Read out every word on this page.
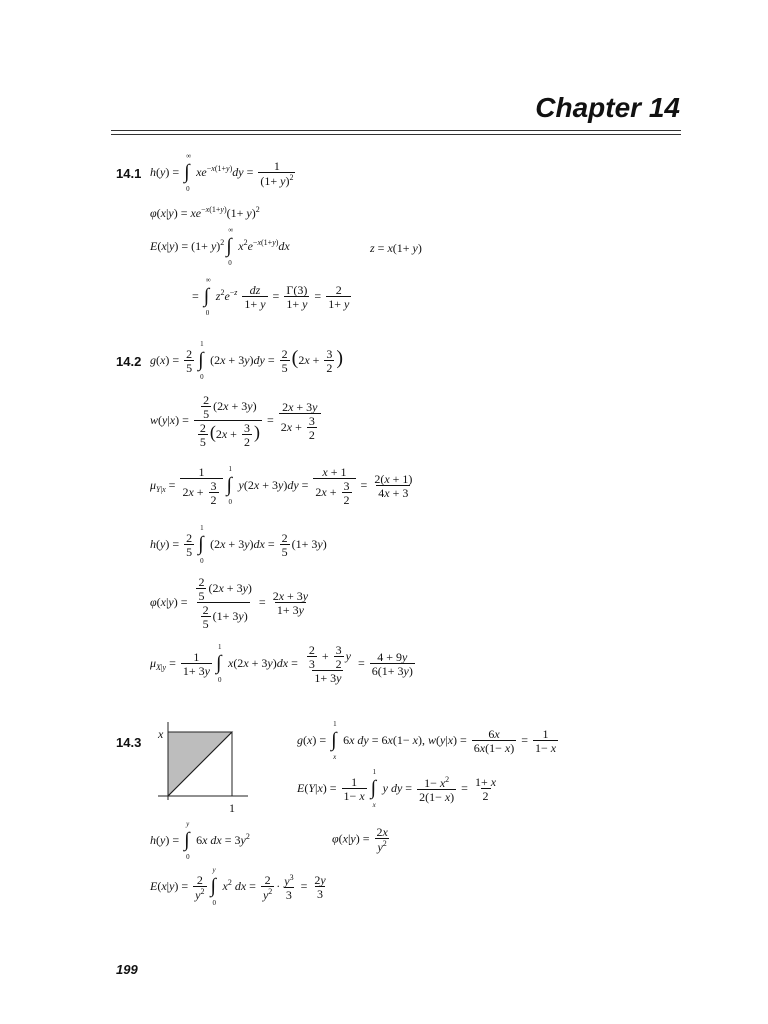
Chapter 14
14.1 h(y) =
∞
∫
0
$xe^{-x(1+y)}dy = \frac{1}{(1+ y)^2}$
$\varphi(x|y) = xe^{-x(1+y)}(1+ y)^2$
$E(x|y) = (1+ y)^2$
∞
∫
0
$x^2e^{-x(1+y)}dx$	z = x(1+ y)
=
∞
∫
0
$z^2e^{-z} \frac{dz}{1+ y} = \frac{\Gamma(3)}{1+ y} = \frac{2}{1+ y}$
14.2 $g(x) = \frac{2}{5}$
1
∫
0
$(2x + 3y)dy = \frac{2}{5} (2x + \frac{3}{2}$ )
$w(y|x) = \frac{\frac{2}{5} (2x + 3y)}{\frac{2}{5} (2x + \frac{3}{2} )} = \frac{2x + 3y}{2x + \frac{3}{2}}$
$\mu_{Y|x} = \frac{1}{2x + \frac{3}{2}} 1$
∫
0
$y(2x + 3y)dy = \frac{x + 1}{2x + \frac{3}{2}} = \frac{2(x + 1)}{4x + 3}$
$h(y) = \frac{2}{5}$
1
∫
0
$(2x + 3y)dx = \frac{2}{5} (1+ 3y)$
$\varphi(x|y) = \frac{\frac{2}{5} (2x + 3y)}{\frac{2}{5} (1+ 3y)} = \frac{2x + 3y}{1+ 3y}$
$\mu_{X|y} = \frac{1}{1+ 3y}$
1
∫
0
$x(2x + 3y)dx = \frac{\frac{2}{3} + \frac{3}{2} y}{1+ 3y} = \frac{4 + 9y}{6(1+ 3y)}$
14.3
x
1
g(x) =
1
∫
x
6x dy = 6x(1− x), $w(y|x) = \frac{6x}{6x(1- x)} = \frac{1}{1- x}$
$E(Y|x) = \frac{1}{1- x}$
1
∫
x
y dy = $\frac{1- x^2}{2(1- x)} = \frac{1+ x}{2}$
h(y) =
y
∫
0
6x dx = $3y^2$	$\varphi(x|y) = \frac{2x}{y^2}$
$E(x|y) = \frac{2}{y^2}$
y
∫
0
$x^2$ dx = $\frac{2}{y^2} \cdot \frac{y^3}{3} = \frac{2y}{3}$
199
